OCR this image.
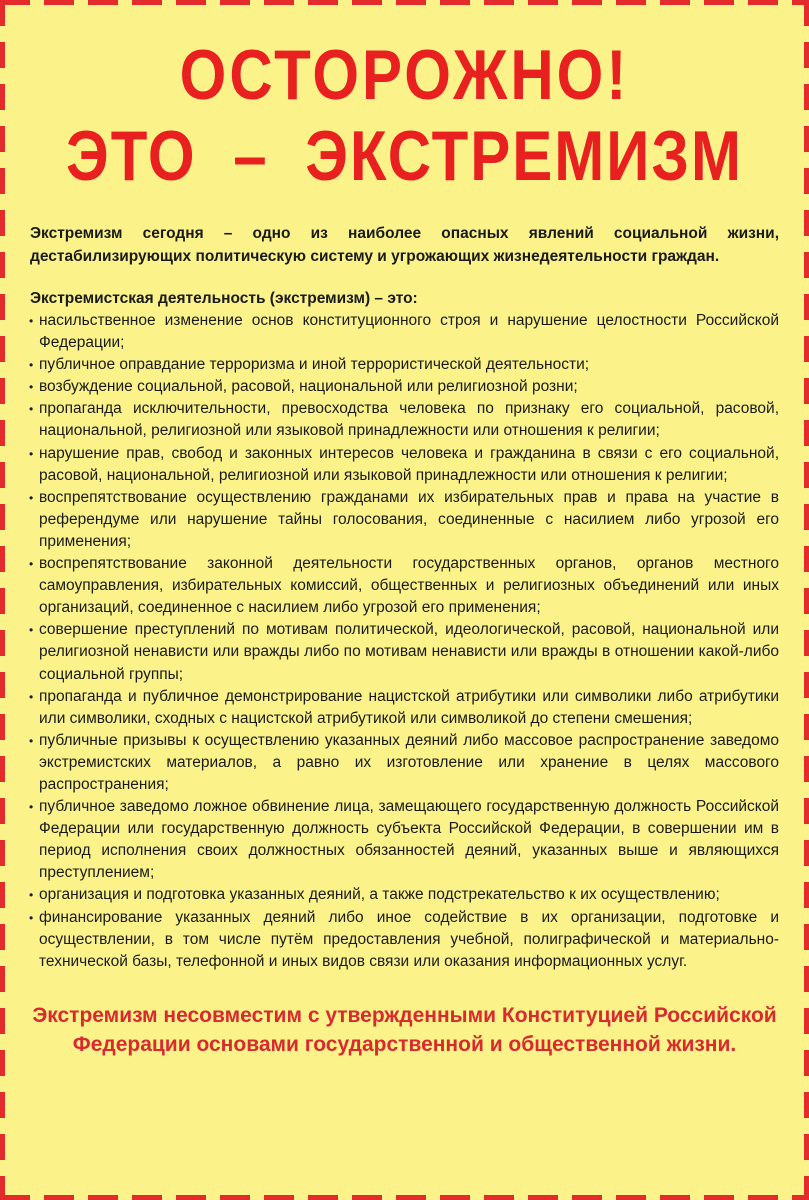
ОСТОРОЖНО!
ЭТО – ЭКСТРЕМИЗМ

Экстремизм сегодня – одно из наиболее опасных явлений социальной жизни, дестабилизирующих политическую систему и угрожающих жизнедеятельности граждан.

Экстремистская деятельность (экстремизм) – это:
• насильственное изменение основ конституционного строя и нарушение целостности Российской Федерации;
• публичное оправдание терроризма и иной террористической деятельности;
• возбуждение социальной, расовой, национальной или религиозной розни;
• пропаганда исключительности, превосходства человека по признаку его социальной, расовой, национальной, религиозной или языковой принадлежности или отношения к религии;
• нарушение прав, свобод и законных интересов человека и гражданина в связи с его социальной, расовой, национальной, религиозной или языковой принадлежности или отношения к религии;
• воспрепятствование осуществлению гражданами их избирательных прав и права на участие в референдуме или нарушение тайны голосования, соединенные с насилием либо угрозой его применения;
• воспрепятствование законной деятельности государственных органов, органов местного самоуправления, избирательных комиссий, общественных и религиозных объединений или иных организаций, соединенное с насилием либо угрозой его применения;
• совершение преступлений по мотивам политической, идеологической, расовой, национальной или религиозной ненависти или вражды либо по мотивам ненависти или вражды в отношении какой-либо социальной группы;
• пропаганда и публичное демонстрирование нацистской атрибутики или символики либо атрибутики или символики, сходных с нацистской атрибутикой или символикой до степени смешения;
• публичные призывы к осуществлению указанных деяний либо массовое распространение заведомо экстремистских материалов, а равно их изготовление или хранение в целях массового распространения;
• публичное заведомо ложное обвинение лица, замещающего государственную должность Российской Федерации или государственную должность субъекта Российской Федерации, в совершении им в период исполнения своих должностных обязанностей деяний, указанных выше и являющихся преступлением;
• организация и подготовка указанных деяний, а также подстрекательство к их осуществлению;
• финансирование указанных деяний либо иное содействие в их организации, подготовке и осуществлении, в том числе путём предоставления учебной, полиграфической и материально-технической базы, телефонной и иных видов связи или оказания информационных услуг.

Экстремизм несовместим с утвержденными Конституцией Российской Федерации основами государственной и общественной жизни.
